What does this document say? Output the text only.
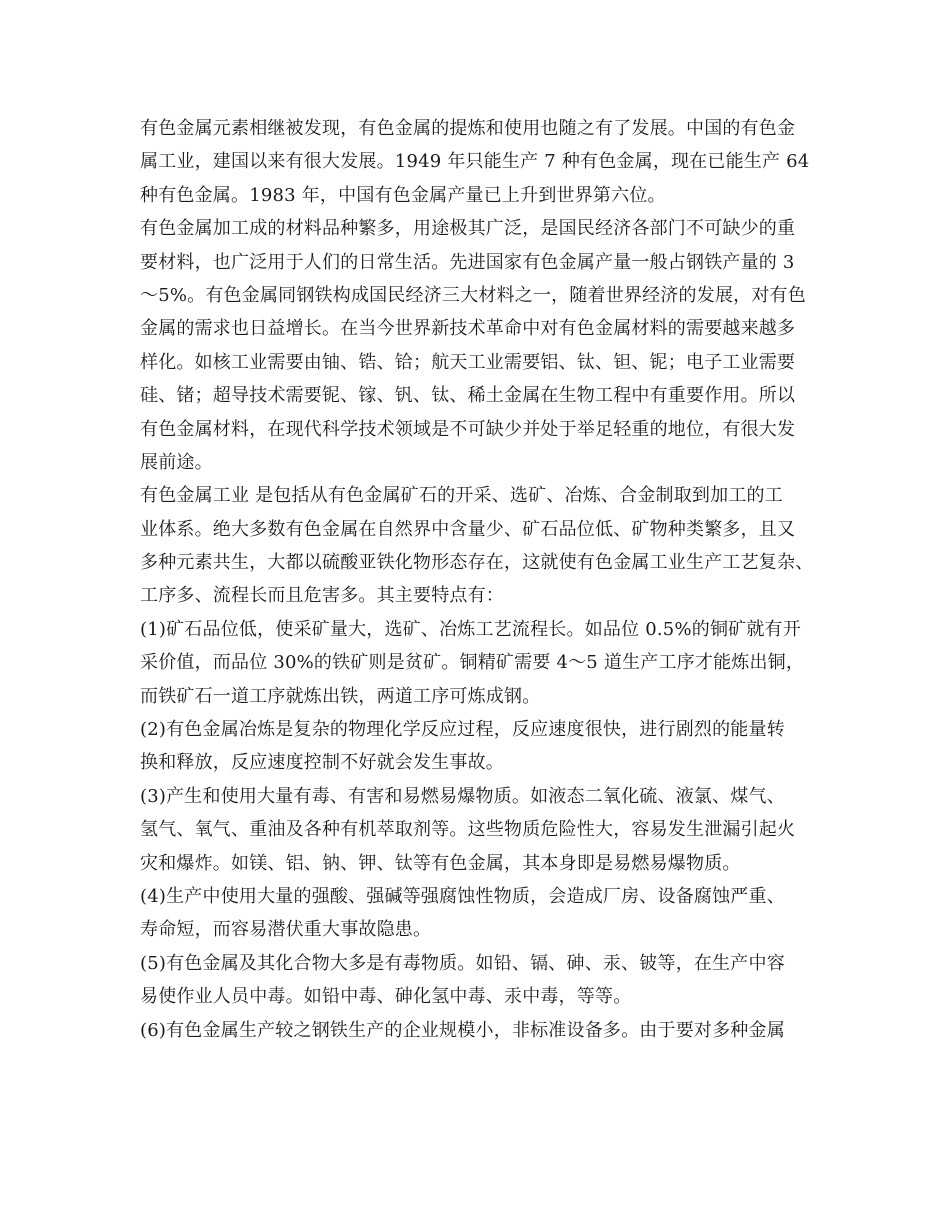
有色金属元素相继被发现，有色金属的提炼和使用也随之有了发展。中国的有色金
属工业，建国以来有很大发展。1949 年只能生产 7 种有色金属，现在已能生产 64
种有色金属。1983 年，中国有色金属产量已上升到世界第六位。
有色金属加工成的材料品种繁多，用途极其广泛，是国民经济各部门不可缺少的重
要材料，也广泛用于人们的日常生活。先进国家有色金属产量一般占钢铁产量的 3
～5%。有色金属同钢铁构成国民经济三大材料之一，随着世界经济的发展，对有色
金属的需求也日益增长。在当今世界新技术革命中对有色金属材料的需要越来越多
样化。如核工业需要由铀、锆、铪；航天工业需要铝、钛、钽、铌；电子工业需要
硅、锗；超导技术需要铌、镓、钒、钛、稀土金属在生物工程中有重要作用。所以
有色金属材料，在现代科学技术领域是不可缺少并处于举足轻重的地位，有很大发
展前途。
有色金属工业 是包括从有色金属矿石的开采、选矿、冶炼、合金制取到加工的工
业体系。绝大多数有色金属在自然界中含量少、矿石品位低、矿物种类繁多，且又
多种元素共生，大都以硫酸亚铁化物形态存在，这就使有色金属工业生产工艺复杂、
工序多、流程长而且危害多。其主要特点有：
(1)矿石品位低，使采矿量大，选矿、冶炼工艺流程长。如品位 0.5%的铜矿就有开
采价值，而品位 30%的铁矿则是贫矿。铜精矿需要 4～5 道生产工序才能炼出铜，
而铁矿石一道工序就炼出铁，两道工序可炼成钢。
(2)有色金属冶炼是复杂的物理化学反应过程，反应速度很快，进行剧烈的能量转
换和释放，反应速度控制不好就会发生事故。
(3)产生和使用大量有毒、有害和易燃易爆物质。如液态二氧化硫、液氯、煤气、
氢气、氧气、重油及各种有机萃取剂等。这些物质危险性大，容易发生泄漏引起火
灾和爆炸。如镁、铝、钠、钾、钛等有色金属，其本身即是易燃易爆物质。
(4)生产中使用大量的强酸、强碱等强腐蚀性物质，会造成厂房、设备腐蚀严重、
寿命短，而容易潜伏重大事故隐患。
(5)有色金属及其化合物大多是有毒物质。如铅、镉、砷、汞、铍等，在生产中容
易使作业人员中毒。如铅中毒、砷化氢中毒、汞中毒，等等。
(6)有色金属生产较之钢铁生产的企业规模小，非标准设备多。由于要对多种金属
